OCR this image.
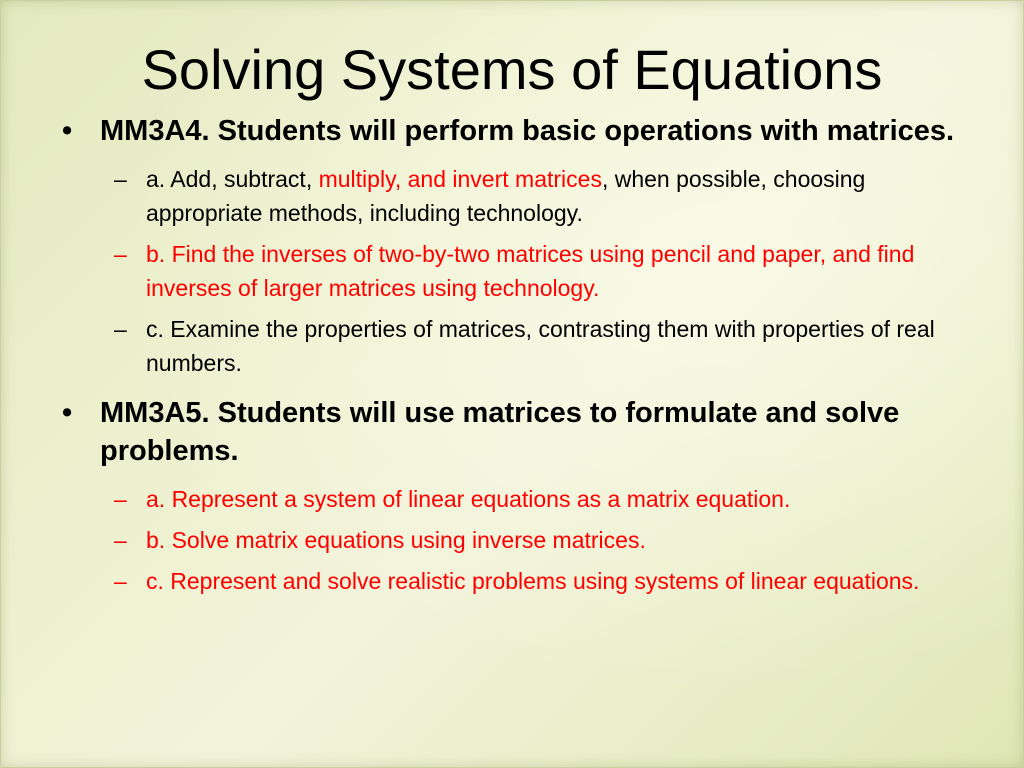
Solving Systems of Equations
• MM3A4. Students will perform basic operations with matrices.
– a. Add, subtract, multiply, and invert matrices, when possible, choosing appropriate methods, including technology.
– b. Find the inverses of two-by-two matrices using pencil and paper, and find inverses of larger matrices using technology.
– c. Examine the properties of matrices, contrasting them with properties of real numbers.
• MM3A5. Students will use matrices to formulate and solve problems.
– a. Represent a system of linear equations as a matrix equation.
– b. Solve matrix equations using inverse matrices.
– c. Represent and solve realistic problems using systems of linear equations.
